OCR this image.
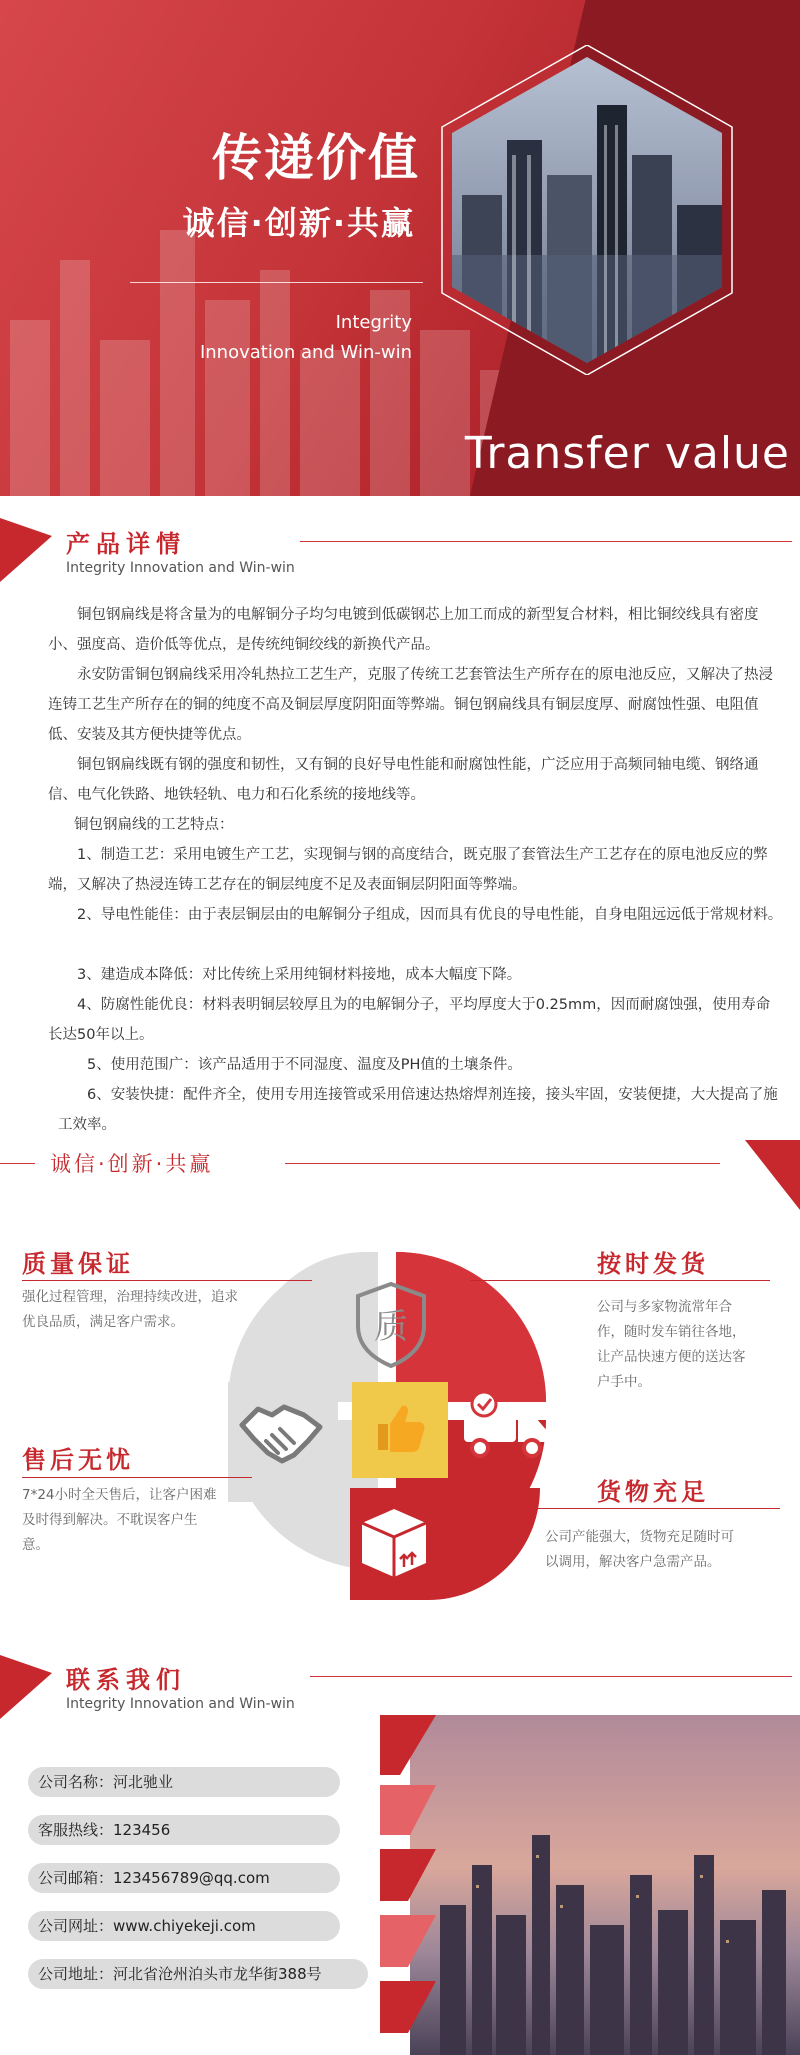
传递价值
诚信·创新·共赢
Integrity
Innovation and Win-win
Transfer value
产品详情
Integrity Innovation and Win-win
铜包钢扁线是将含量为的电解铜分子均匀电镀到低碳钢芯上加工而成的新型复合材料，相比铜绞线具有密度小、强度高、造价低等优点，是传统纯铜绞线的新换代产品。
永安防雷铜包钢扁线采用冷轧热拉工艺生产，克服了传统工艺套管法生产所存在的原电池反应，又解决了热浸连铸工艺生产所存在的铜的纯度不高及铜层厚度阴阳面等弊端。铜包钢扁线具有铜层度厚、耐腐蚀性强、电阻值低、安装及其方便快捷等优点。
铜包钢扁线既有钢的强度和韧性，又有铜的良好导电性能和耐腐蚀性能，广泛应用于高频同轴电缆、钢络通信、电气化铁路、地铁轻轨、电力和石化系统的接地线等。
铜包钢扁线的工艺特点：
1、制造工艺：采用电镀生产工艺，实现铜与钢的高度结合，既克服了套管法生产工艺存在的原电池反应的弊端，又解决了热浸连铸工艺存在的铜层纯度不足及表面铜层阴阳面等弊端。
2、导电性能佳：由于表层铜层由的电解铜分子组成，因而具有优良的导电性能，自身电阻远远低于常规材料。
3、建造成本降低：对比传统上采用纯铜材料接地，成本大幅度下降。
4、防腐性能优良：材料表明铜层较厚且为的电解铜分子，平均厚度大于0.25mm，因而耐腐蚀强，使用寿命长达50年以上。
5、使用范围广：该产品适用于不同湿度、温度及PH值的土壤条件。
6、安装快捷：配件齐全，使用专用连接管或采用倍速达热熔焊剂连接，接头牢固，安装便捷，大大提高了施工效率。
诚信·创新·共赢
质
质量保证
强化过程管理，治理持续改进，追求优良品质，满足客户需求。
按时发货
公司与多家物流常年合作，随时发车销往各地，让产品快速方便的送达客户手中。
售后无忧
7*24小时全天售后，让客户困难及时得到解决。不耽误客户生意。
货物充足
公司产能强大，货物充足随时可以调用，解决客户急需产品。
联系我们
Integrity Innovation and Win-win
公司名称：河北驰业
客服热线：123456
公司邮箱：123456789@qq.com
公司网址：www.chiyekeji.com
公司地址：河北省沧州泊头市龙华街388号
